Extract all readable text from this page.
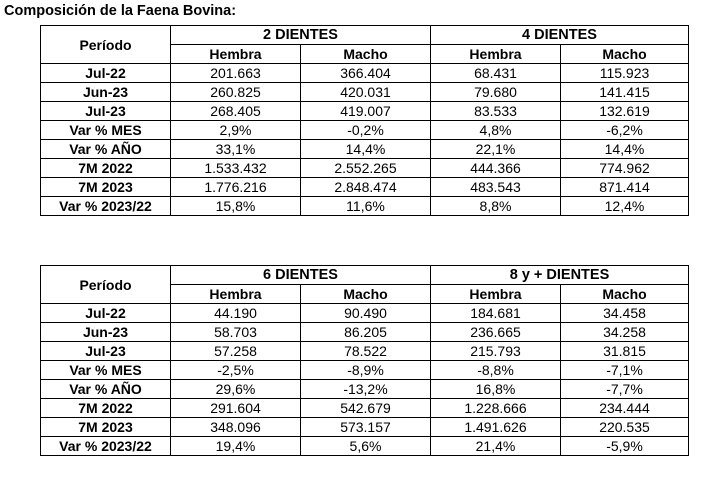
Composición de la Faena Bovina:
Período	2 DIENTES		4 DIENTES	
	Hembra	Macho	Hembra	Macho
Jul-22	201.663	366.404	68.431	115.923
Jun-23	260.825	420.031	79.680	141.415
Jul-23	268.405	419.007	83.533	132.619
Var % MES	2,9%	-0,2%	4,8%	-6,2%
Var % AÑO	33,1%	14,4%	22,1%	14,4%
7M 2022	1.533.432	2.552.265	444.366	774.962
7M 2023	1.776.216	2.848.474	483.543	871.414
Var % 2023/22	15,8%	11,6%	8,8%	12,4%
Período	6 DIENTES		8 y + DIENTES	
	Hembra	Macho	Hembra	Macho
Jul-22	44.190	90.490	184.681	34.458
Jun-23	58.703	86.205	236.665	34.258
Jul-23	57.258	78.522	215.793	31.815
Var % MES	-2,5%	-8,9%	-8,8%	-7,1%
Var % AÑO	29,6%	-13,2%	16,8%	-7,7%
7M 2022	291.604	542.679	1.228.666	234.444
7M 2023	348.096	573.157	1.491.626	220.535
Var % 2023/22	19,4%	5,6%	21,4%	-5,9%
